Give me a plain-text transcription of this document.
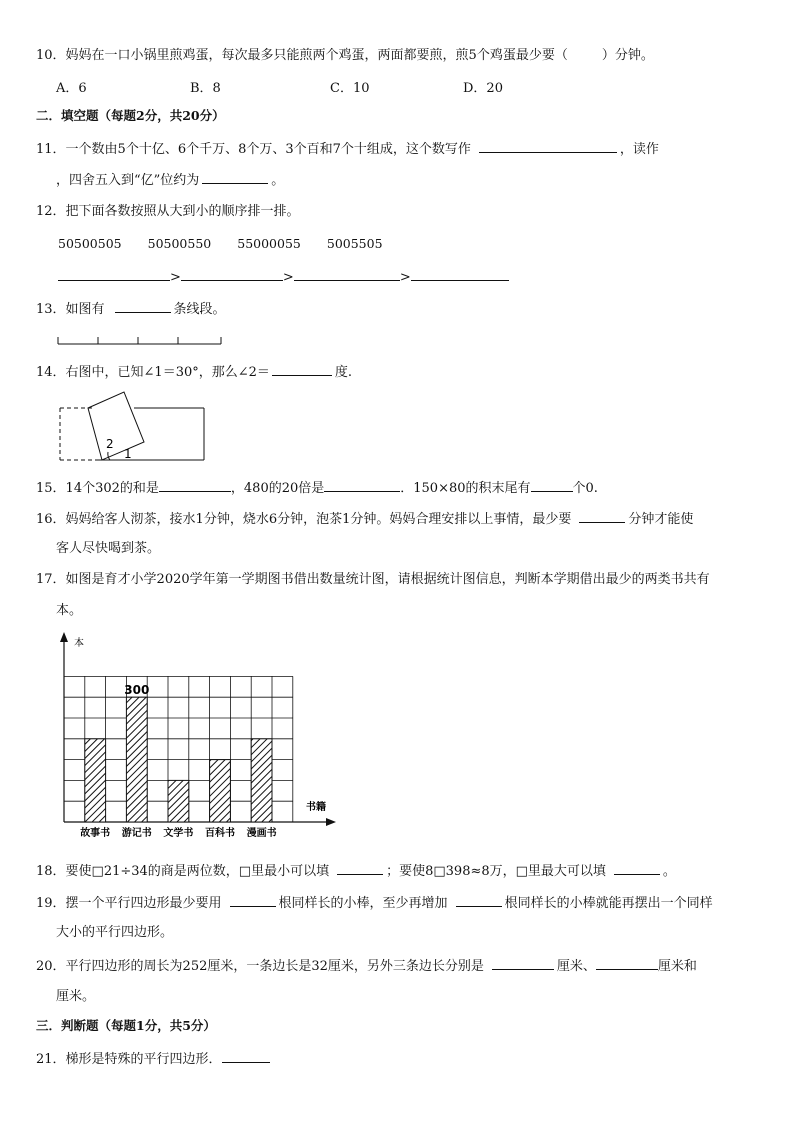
10．妈妈在一口小锅里煎鸡蛋，每次最多只能煎两个鸡蛋，两面都要煎，煎5个鸡蛋最少要（	）分钟。
A．6	B．8	C．10	D．20
二．填空题（每题2分，共20分）
11．一个数由5个十亿、6个千万、8个万、3个百和7个十组成，这个数写作	，读作
，四舍五入到“亿”位约为	。
12．把下面各数按照从大到小的顺序排一排。
50500505 50500550 55000055 5005505
>	>	>
13．如图有	条线段。
14．右图中，已知∠1＝30°，那么∠2＝	度.
2
1
15．14个302的和是	，480的20倍是	．150×80的积末尾有	个0.
16．妈妈给客人沏茶，接水1分钟，烧水6分钟，泡茶1分钟。妈妈合理安排以上事情，最少要	分钟才能使
客人尽快喝到茶。
17．如图是育才小学2020学年第一学期图书借出数量统计图，请根据统计图信息，判断本学期借出最少的两类书共有
本。
本
书籍
故事书 游记书 文学书 百科书 漫画书
300
18．要使□21÷34的商是两位数，□里最小可以填	；要使8□398≈8万，□里最大可以填	。
19．摆一个平行四边形最少要用	根同样长的小棒，至少再增加	根同样长的小棒就能再摆出一个同样
大小的平行四边形。
20．平行四边形的周长为252厘米，一条边长是32厘米，另外三条边长分别是	厘米、	厘米和
厘米。
三．判断题（每题1分，共5分）
21．梯形是特殊的平行四边形．
